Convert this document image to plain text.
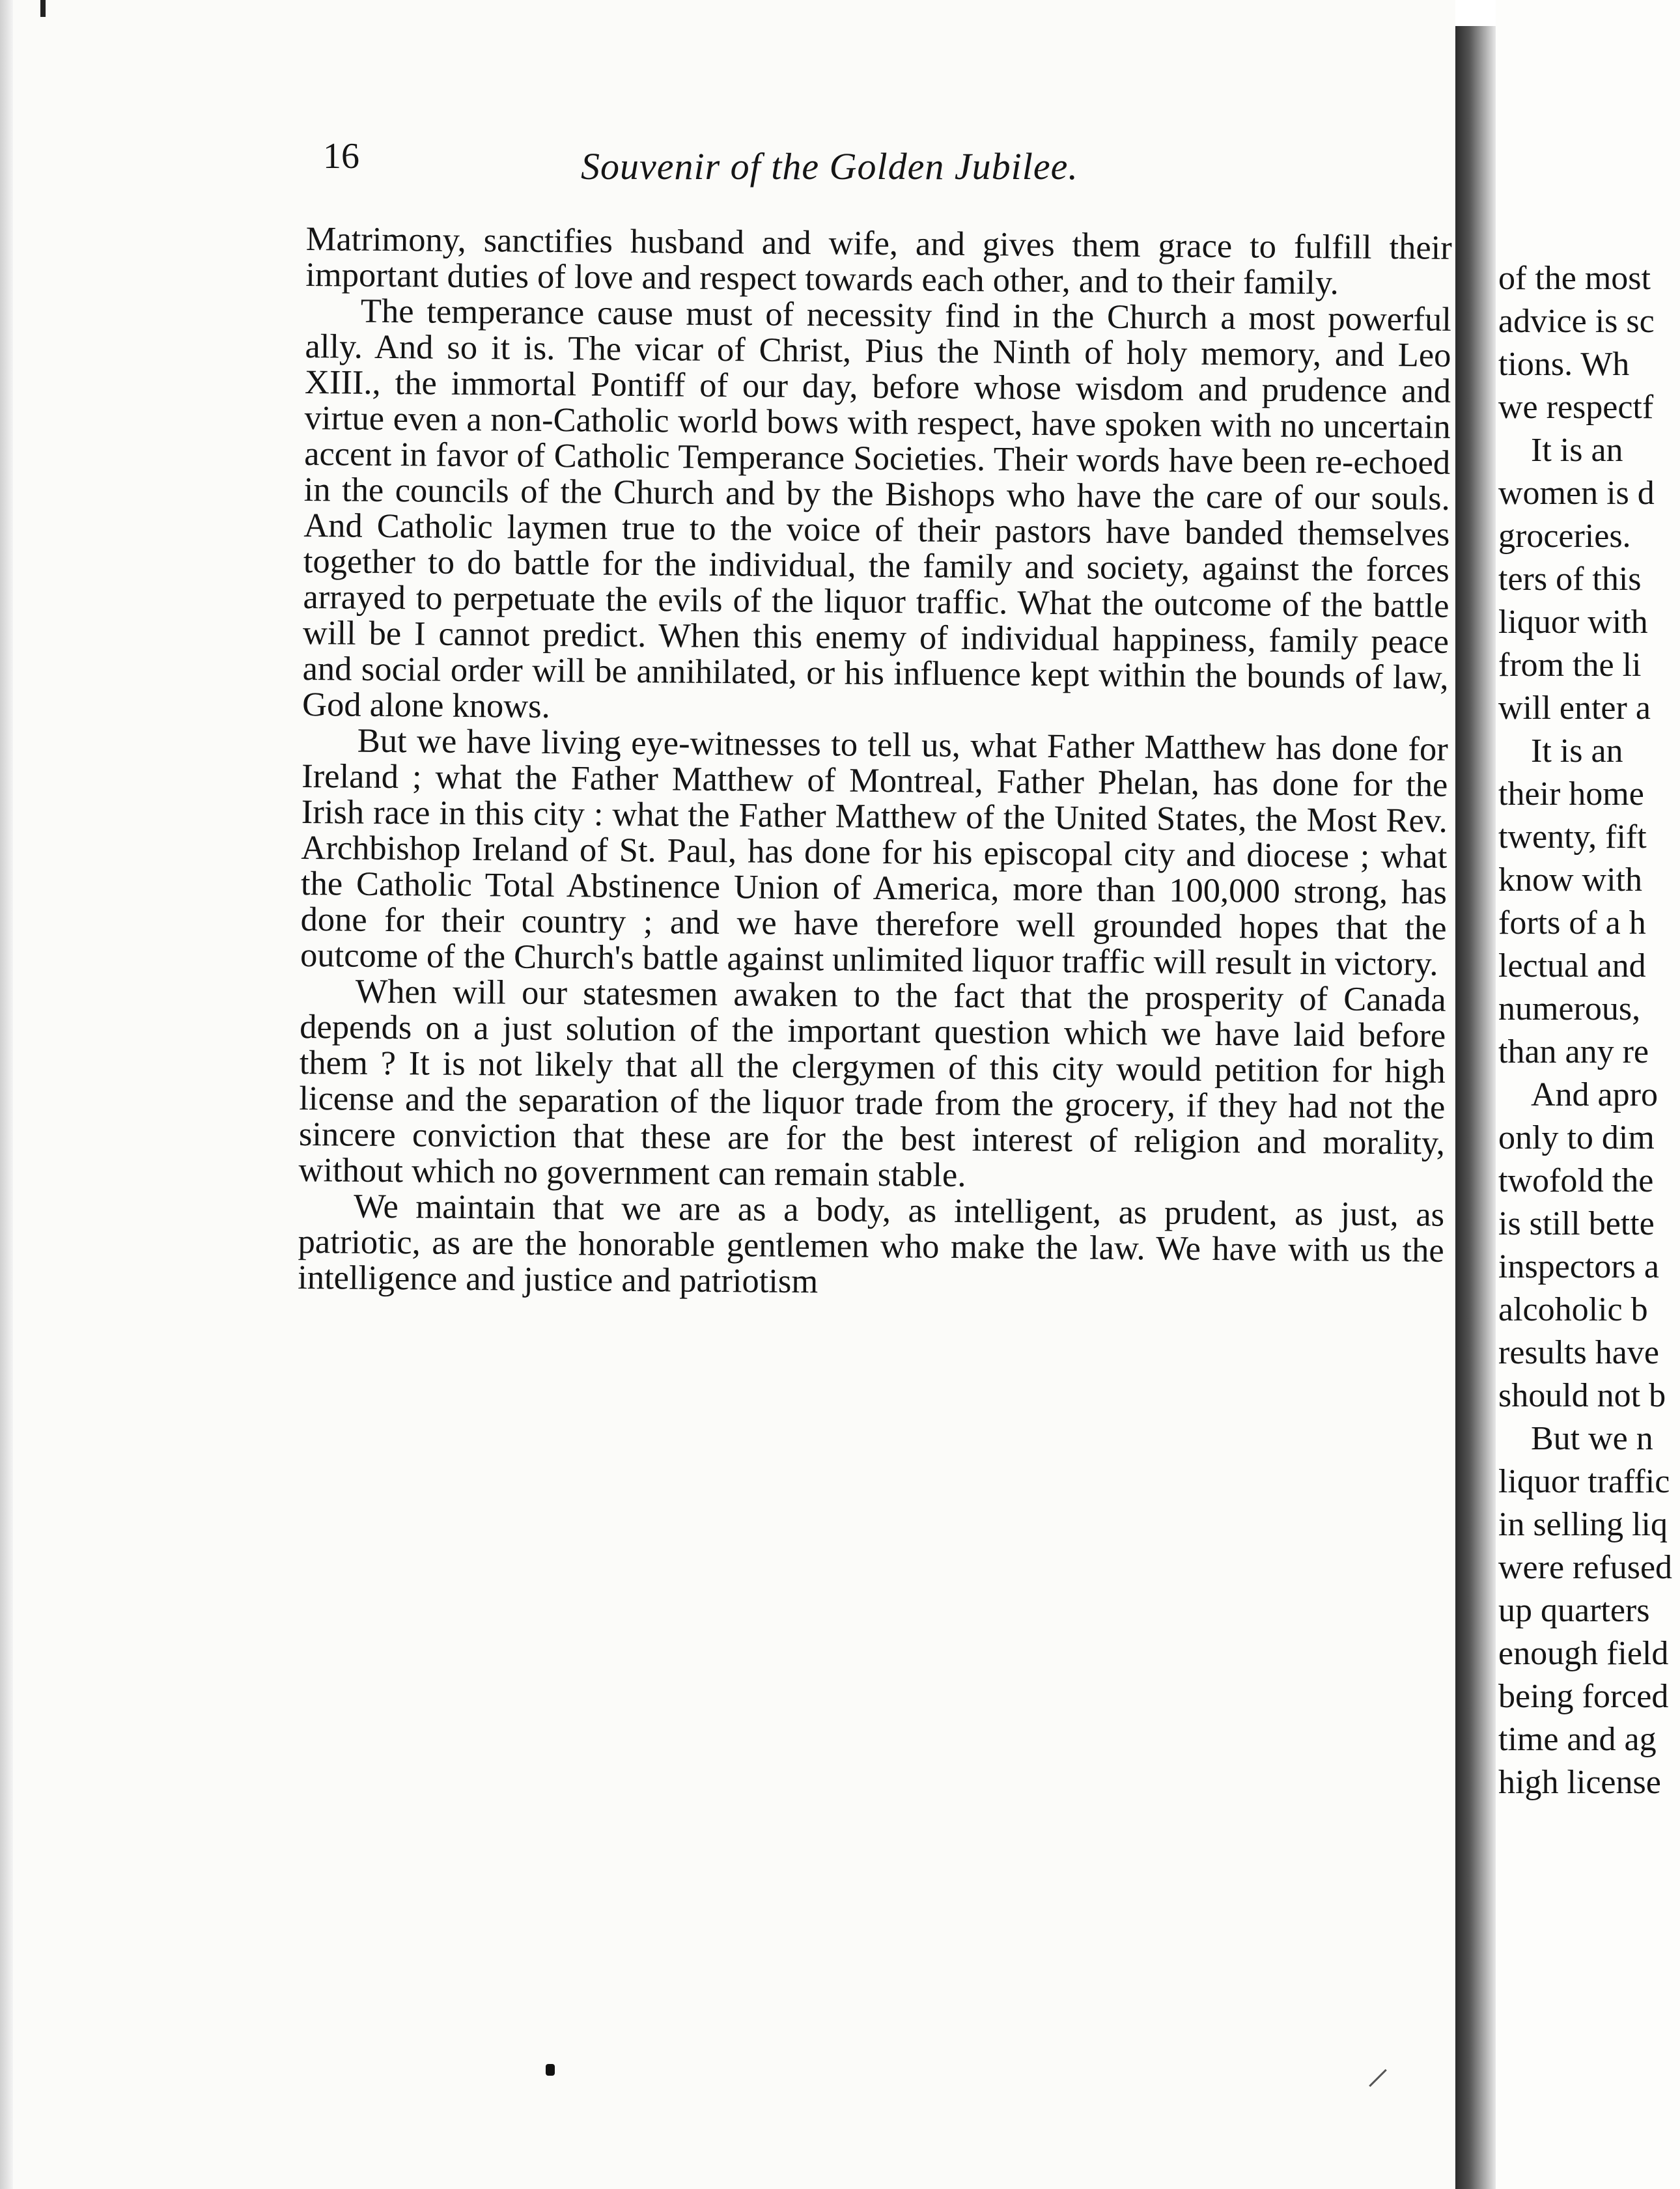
16	Souvenir of the Golden Jubilee.

Matrimony, sanctifies husband and wife, and gives them grace to fulfill their important duties of love and respect towards each other, and to their family.

The temperance cause must of necessity find in the Church a most powerful ally. And so it is. The vicar of Christ, Pius the Ninth of holy memory, and Leo XIII., the immortal Pontiff of our day, before whose wisdom and prudence and virtue even a non-Catholic world bows with respect, have spoken with no uncertain accent in favor of Catholic Temperance Societies. Their words have been re-echoed in the councils of the Church and by the Bishops who have the care of our souls. And Catholic laymen true to the voice of their pastors have banded themselves together to do battle for the individual, the family and society, against the forces arrayed to perpetuate the evils of the liquor traffic. What the outcome of the battle will be I cannot predict. When this enemy of individual happiness, family peace and social order will be annihilated, or his influence kept within the bounds of law, God alone knows.

But we have living eye-witnesses to tell us, what Father Matthew has done for Ireland ; what the Father Matthew of Montreal, Father Phelan, has done for the Irish race in this city : what the Father Matthew of the United States, the Most Rev. Archbishop Ireland of St. Paul, has done for his episcopal city and diocese ; what the Catholic Total Abstinence Union of America, more than 100,000 strong, has done for their country ; and we have therefore well grounded hopes that the outcome of the Church's battle against unlimited liquor traffic will result in victory.

When will our statesmen awaken to the fact that the prosperity of Canada depends on a just solution of the important question which we have laid before them ? It is not likely that all the clergymen of this city would petition for high license and the separation of the liquor trade from the grocery, if they had not the sincere conviction that these are for the best interest of religion and morality, without which no government can remain stable.

We maintain that we are as a body, as intelligent, as prudent, as just, as patriotic, as are the honorable gentlemen who make the law. We have with us the intelligence and justice and patriotism

of the most
advice is sc
tions. Wh
we respectf
It is an
women is d
groceries.
ters of this
liquor with
from the li
will enter a
It is an
their home
twenty, fift
know with
forts of a h
lectual and
numerous,
than any re
And apro
only to dim
twofold the
is still bette
inspectors a
alcoholic b
results have
should not b
But we n
liquor traffic
in selling liq
were refused
up quarters
enough field
being forced
time and ag
high license
